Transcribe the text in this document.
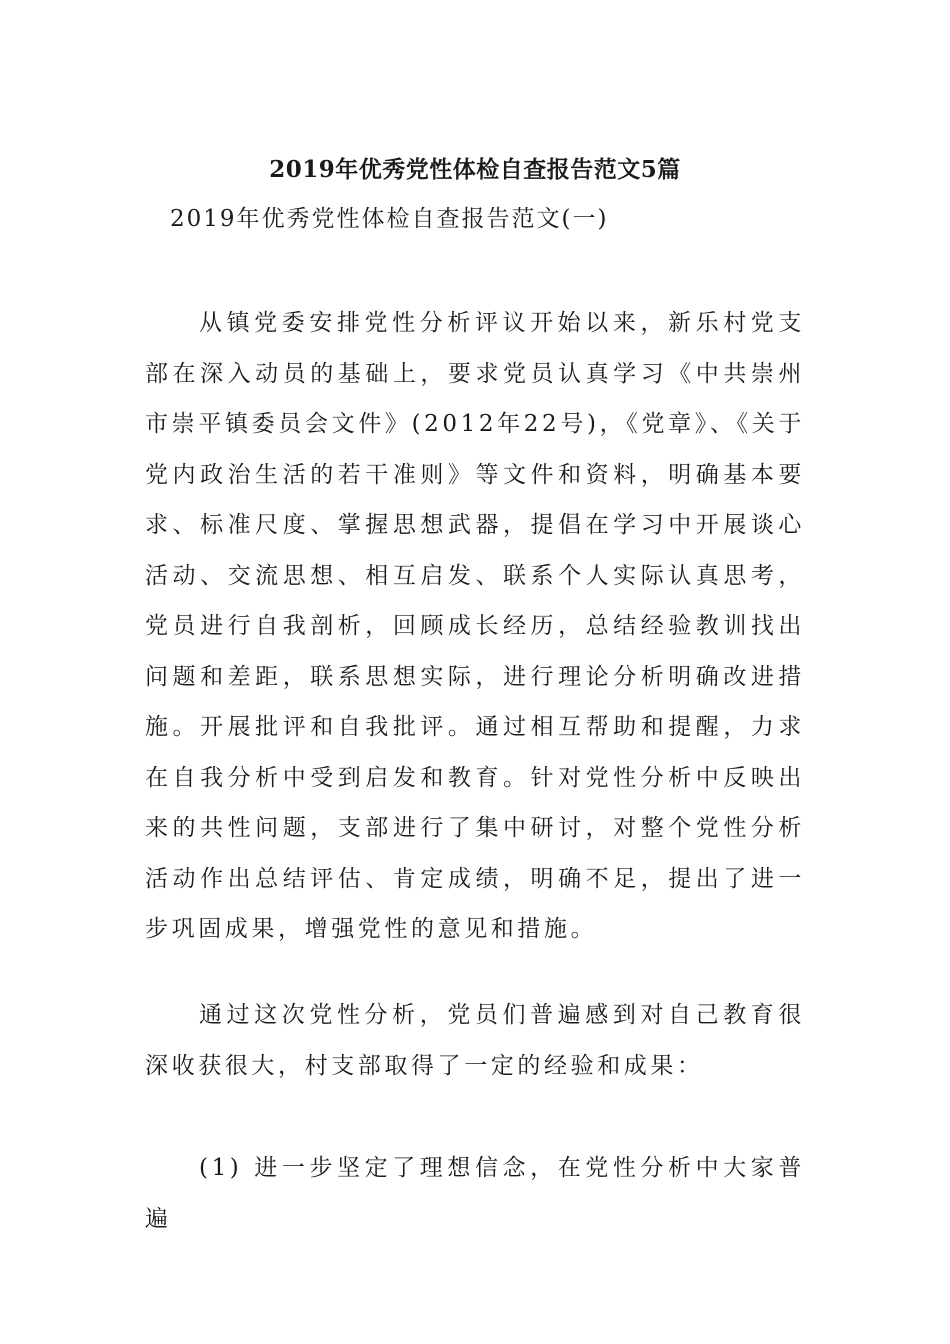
2019年优秀党性体检自查报告范文5篇
2019年优秀党性体检自查报告范文(一)

从镇党委安排党性分析评议开始以来，新乐村党支部在深入动员的基础上，要求党员认真学习《中共崇州市崇平镇委员会文件》(2012年22号)，《党章》、《关于党内政治生活的若干准则》等文件和资料，明确基本要求、标准尺度、掌握思想武器，提倡在学习中开展谈心活动、交流思想、相互启发、联系个人实际认真思考，党员进行自我剖析，回顾成长经历，总结经验教训找出问题和差距，联系思想实际，进行理论分析明确改进措施。开展批评和自我批评。通过相互帮助和提醒，力求在自我分析中受到启发和教育。针对党性分析中反映出来的共性问题，支部进行了集中研讨，对整个党性分析活动作出总结评估、肯定成绩，明确不足，提出了进一步巩固成果，增强党性的意见和措施。

通过这次党性分析，党员们普遍感到对自己教育很深收获很大，村支部取得了一定的经验和成果：

(1) 进一步坚定了理想信念，在党性分析中大家普遍
